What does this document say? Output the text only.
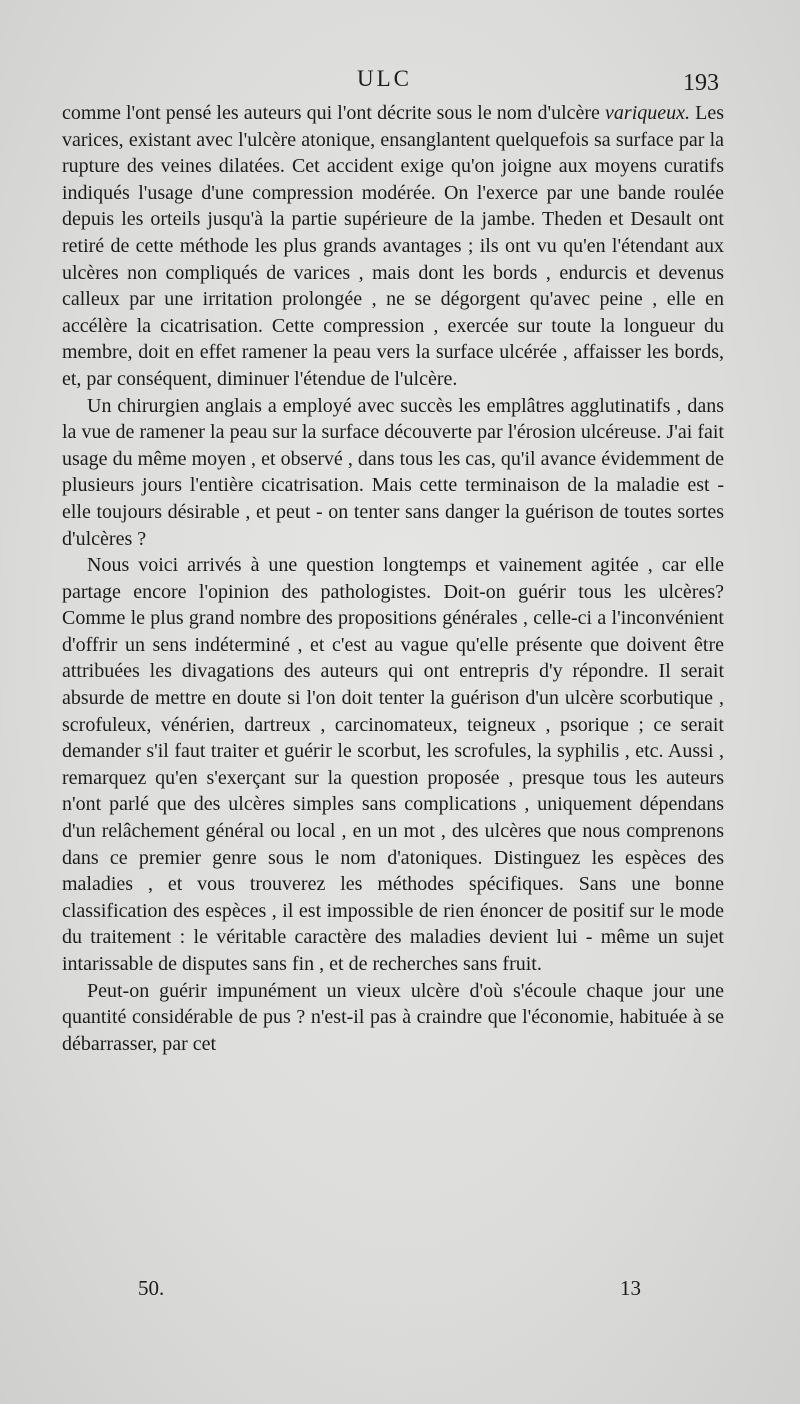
ULC	193

comme l'ont pensé les auteurs qui l'ont décrite sous le nom d'ulcère variqueux. Les varices, existant avec l'ulcère atonique, ensanglantent quelquefois sa surface par la rupture des veines dilatées. Cet accident exige qu'on joigne aux moyens curatifs indiqués l'usage d'une compression modérée. On l'exerce par une bande roulée depuis les orteils jusqu'à la partie supérieure de la jambe. Theden et Desault ont retiré de cette méthode les plus grands avantages ; ils ont vu qu'en l'étendant aux ulcères non compliqués de varices , mais dont les bords , endurcis et devenus calleux par une irritation prolongée , ne se dégorgent qu'avec peine , elle en accélère la cicatrisation. Cette compression , exercée sur toute la longueur du membre, doit en effet ramener la peau vers la surface ulcérée , affaisser les bords, et, par conséquent, diminuer l'étendue de l'ulcère.

Un chirurgien anglais a employé avec succès les emplâtres agglutinatifs , dans la vue de ramener la peau sur la surface découverte par l'érosion ulcéreuse. J'ai fait usage du même moyen , et observé , dans tous les cas, qu'il avance évidemment de plusieurs jours l'entière cicatrisation. Mais cette terminaison de la maladie est - elle toujours désirable , et peut - on tenter sans danger la guérison de toutes sortes d'ulcères ?

Nous voici arrivés à une question longtemps et vainement agitée , car elle partage encore l'opinion des pathologistes. Doit-on guérir tous les ulcères? Comme le plus grand nombre des propositions générales , celle-ci a l'inconvénient d'offrir un sens indéterminé , et c'est au vague qu'elle présente que doivent être attribuées les divagations des auteurs qui ont entrepris d'y répondre. Il serait absurde de mettre en doute si l'on doit tenter la guérison d'un ulcère scorbutique , scrofuleux, vénérien, dartreux , carcinomateux, teigneux , psorique ; ce serait demander s'il faut traiter et guérir le scorbut, les scrofules, la syphilis , etc. Aussi , remarquez qu'en s'exerçant sur la question proposée , presque tous les auteurs n'ont parlé que des ulcères simples sans complications , uniquement dépendans d'un relâchement général ou local , en un mot , des ulcères que nous comprenons dans ce premier genre sous le nom d'atoniques. Distinguez les espèces des maladies , et vous trouverez les méthodes spécifiques. Sans une bonne classification des espèces , il est impossible de rien énoncer de positif sur le mode du traitement : le véritable caractère des maladies devient lui - même un sujet intarissable de disputes sans fin , et de recherches sans fruit.

Peut-on guérir impunément un vieux ulcère d'où s'écoule chaque jour une quantité considérable de pus ? n'est-il pas à craindre que l'économie, habituée à se débarrasser, par cet

50.	13
